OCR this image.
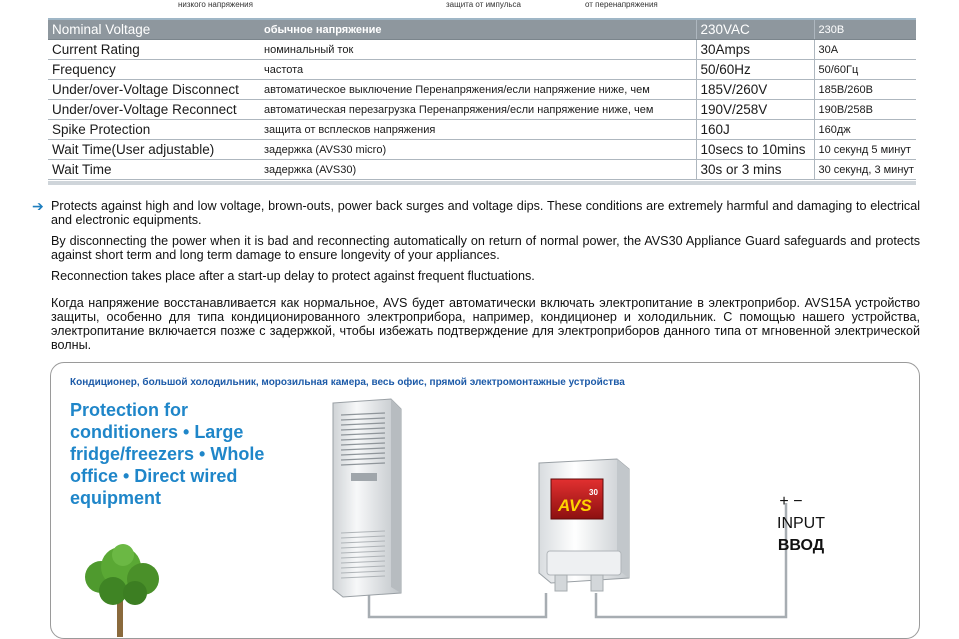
низкого напряжения	защита от импульса	от перенапряжения
Nominal Voltage	обычное напряжение	230VAC	230В
Current Rating	номинальный ток	30Amps	30А
Frequency	частота	50/60Hz	50/60Гц
Under/over-Voltage Disconnect	автоматическое выключение Перенапряжения/если напряжение ниже, чем	185V/260V	185В/260В
Under/over-Voltage Reconnect	автоматическая перезагрузка Перенапряжения/если напряжение ниже, чем	190V/258V	190В/258В
Spike Protection	защита от всплесков напряжения	160J	160дж
Wait Time(User adjustable)	задержка (AVS30 micro)	10secs to 10mins	10 секунд 5 минут
Wait Time	задержка (AVS30)	30s or 3 mins	30 секунд, 3 минут
➔ Protects against high and low voltage, brown-outs, power back surges and voltage dips. These conditions are extremely harmful and damaging to electrical and electronic equipments.
By disconnecting the power when it is bad and reconnecting automatically on return of normal power, the AVS30 Appliance Guard safeguards and protects against short term and long term damage to ensure longevity of your appliances.
Reconnection takes place after a start-up delay to protect against frequent fluctuations.
Когда напряжение восстанавливается как нормальное, AVS будет автоматически включать электропитание в электроприбор. AVS15A устройство защиты, особенно для типа кондиционированного электроприбора, например, кондиционер и холодильник. С помощью нашего устройства, электропитание включается позже с задержкой, чтобы избежать подтверждение для электроприборов данного типа от мгновенной электрической волны.
Кондиционер, большой холодильник, морозильная камера, весь офис, прямой электромонтажные устройства
Protection for
conditioners • Large
fridge/freezers • Whole
office • Direct wired
equipment	AVS
30
+ −
INPUT
ВВОД
